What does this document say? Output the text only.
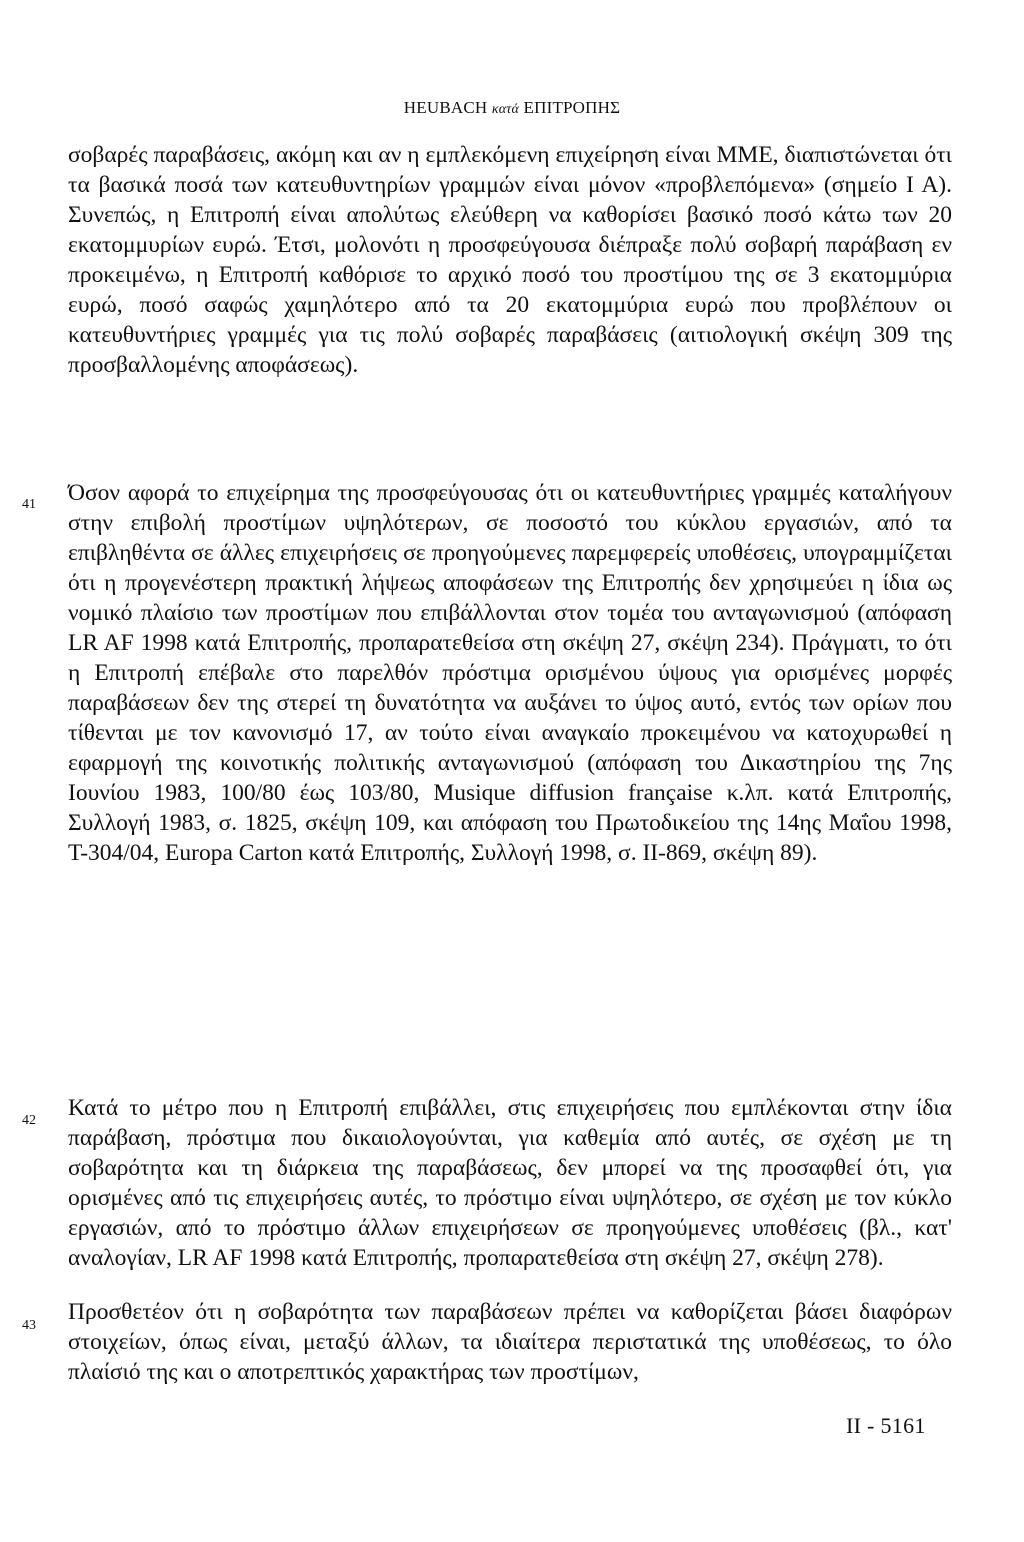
HEUBACH κατά ΕΠΙΤΡΟΠΗΣ

σοβαρές παραβάσεις, ακόμη και αν η εμπλεκόμενη επιχείρηση είναι ΜΜΕ, διαπιστώνεται ότι τα βασικά ποσά των κατευθυντηρίων γραμμών είναι μόνον «προβλεπόμενα» (σημείο I A). Συνεπώς, η Επιτροπή είναι απολύτως ελεύθερη να καθορίσει βασικό ποσό κάτω των 20 εκατομμυρίων ευρώ. Έτσι, μολονότι η προσφεύγουσα διέπραξε πολύ σοβαρή παράβαση εν προκειμένω, η Επιτροπή καθόρισε το αρχικό ποσό του προστίμου της σε 3 εκατομμύρια ευρώ, ποσό σαφώς χαμηλότερο από τα 20 εκατομμύρια ευρώ που προβλέπουν οι κατευθυντήριες γραμμές για τις πολύ σοβαρές παραβάσεις (αιτιολογική σκέψη 309 της προσβαλλομένης αποφάσεως).

41 Όσον αφορά το επιχείρημα της προσφεύγουσας ότι οι κατευθυντήριες γραμμές καταλήγουν στην επιβολή προστίμων υψηλότερων, σε ποσοστό του κύκλου εργασιών, από τα επιβληθέντα σε άλλες επιχειρήσεις σε προηγούμενες παρεμφερείς υποθέσεις, υπογραμμίζεται ότι η προγενέστερη πρακτική λήψεως αποφάσεων της Επιτροπής δεν χρησιμεύει η ίδια ως νομικό πλαίσιο των προστίμων που επιβάλλονται στον τομέα του ανταγωνισμού (απόφαση LR AF 1998 κατά Επιτροπής, προπαρατεθείσα στη σκέψη 27, σκέψη 234). Πράγματι, το ότι η Επιτροπή επέβαλε στο παρελθόν πρόστιμα ορισμένου ύψους για ορισμένες μορφές παραβάσεων δεν της στερεί τη δυνατότητα να αυξάνει το ύψος αυτό, εντός των ορίων που τίθενται με τον κανονισμό 17, αν τούτο είναι αναγκαίο προκειμένου να κατοχυρωθεί η εφαρμογή της κοινοτικής πολιτικής ανταγωνισμού (απόφαση του Δικαστηρίου της 7ης Ιουνίου 1983, 100/80 έως 103/80, Musique diffusion française κ.λπ. κατά Επιτροπής, Συλλογή 1983, σ. 1825, σκέψη 109, και απόφαση του Πρωτοδικείου της 14ης Μαΐου 1998, T-304/04, Europa Carton κατά Επιτροπής, Συλλογή 1998, σ. II-869, σκέψη 89).

42 Κατά το μέτρο που η Επιτροπή επιβάλλει, στις επιχειρήσεις που εμπλέκονται στην ίδια παράβαση, πρόστιμα που δικαιολογούνται, για καθεμία από αυτές, σε σχέση με τη σοβαρότητα και τη διάρκεια της παραβάσεως, δεν μπορεί να της προσαφθεί ότι, για ορισμένες από τις επιχειρήσεις αυτές, το πρόστιμο είναι υψηλότερο, σε σχέση με τον κύκλο εργασιών, από το πρόστιμο άλλων επιχειρήσεων σε προηγούμενες υποθέσεις (βλ., κατ' αναλογίαν, LR AF 1998 κατά Επιτροπής, προπαρατεθείσα στη σκέψη 27, σκέψη 278).

43

Προσθετέον ότι η σοβαρότητα των παραβάσεων πρέπει να καθορίζεται βάσει διαφόρων στοιχείων, όπως είναι, μεταξύ άλλων, τα ιδιαίτερα περιστατικά της υποθέσεως, το όλο πλαίσιό της και ο αποτρεπτικός χαρακτήρας των προστίμων,

II - 5161
